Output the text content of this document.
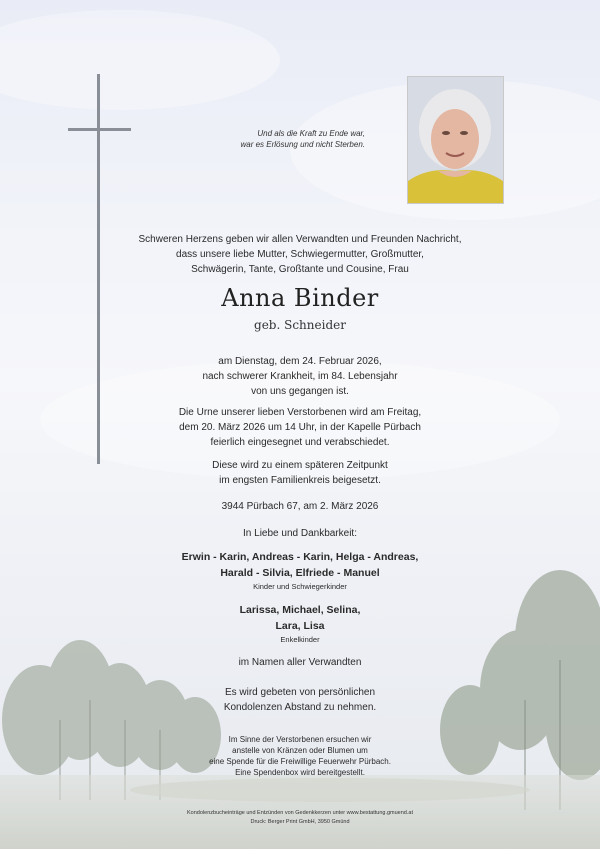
Und als die Kraft zu Ende war,
war es Erlösung und nicht Sterben.
Schweren Herzens geben wir allen Verwandten und Freunden Nachricht,
dass unsere liebe Mutter, Schwiegermutter, Großmutter,
Schwägerin, Tante, Großtante und Cousine, Frau
Anna Binder
geb. Schneider
am Dienstag, dem 24. Februar 2026,
nach schwerer Krankheit, im 84. Lebensjahr
von uns gegangen ist.
Die Urne unserer lieben Verstorbenen wird am Freitag,
dem 20. März 2026 um 14 Uhr, in der Kapelle Pürbach
feierlich eingesegnet und verabschiedet.
Diese wird zu einem späteren Zeitpunkt
im engsten Familienkreis beigesetzt.
3944 Pürbach 67, am 2. März 2026
In Liebe und Dankbarkeit:
Erwin - Karin, Andreas - Karin, Helga - Andreas,
Harald - Silvia, Elfriede - Manuel
Kinder und Schwiegerkinder
Larissa, Michael, Selina,
Lara, Lisa
Enkelkinder
im Namen aller Verwandten
Es wird gebeten von persönlichen
Kondolenzen Abstand zu nehmen.
Im Sinne der Verstorbenen ersuchen wir
anstelle von Kränzen oder Blumen um
eine Spende für die Freiwillige Feuerwehr Pürbach.
Eine Spendenbox wird bereitgestellt.
Kondolenzbucheinträge und Entzünden von Gedenkkerzen unter www.bestattung.gmuend.at
Druck: Berger Print GmbH, 3950 Gmünd
